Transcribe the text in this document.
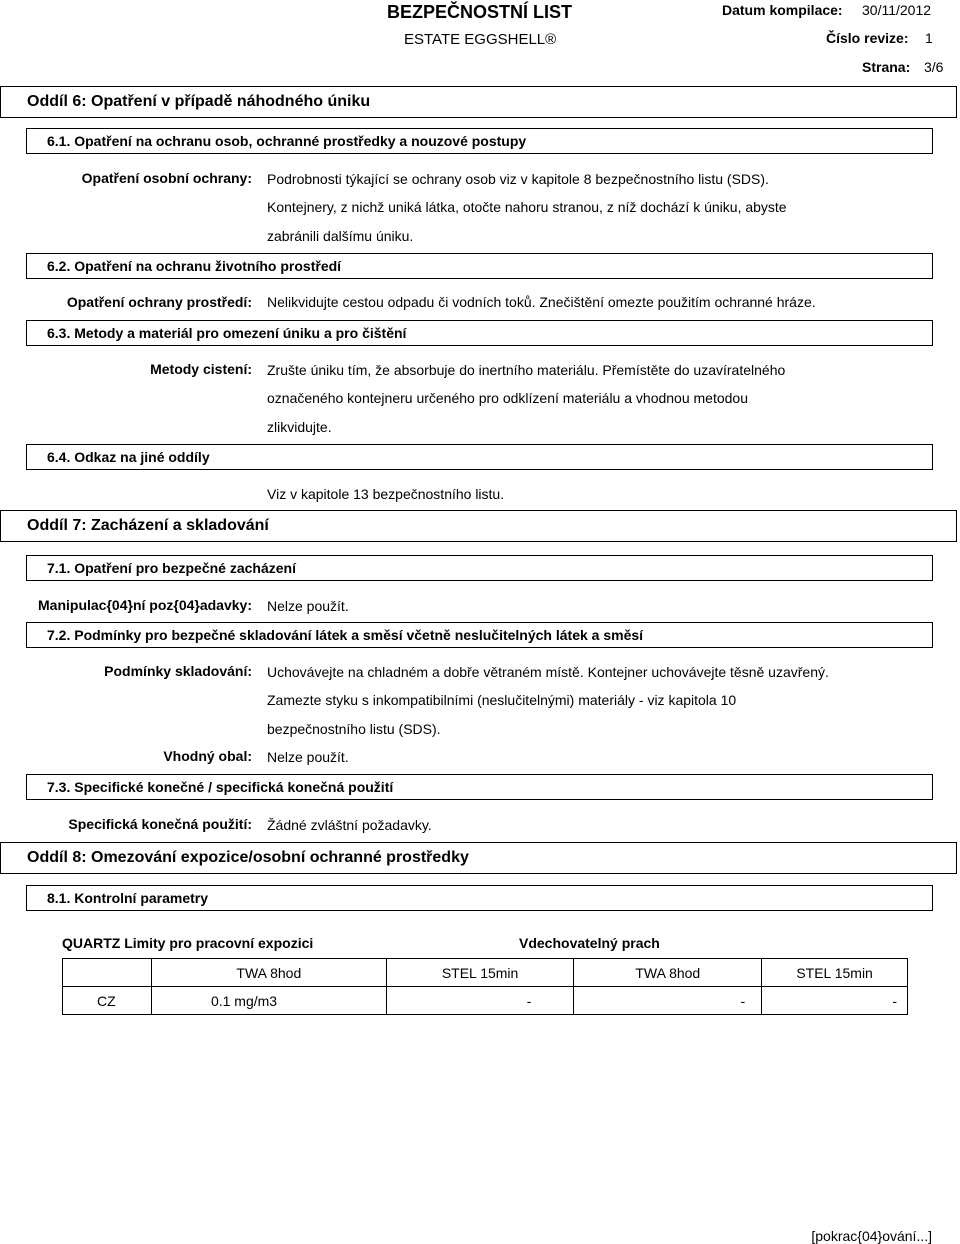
BEZPEČNOSTNÍ LIST
ESTATE EGGSHELL®
Datum kompilace: 30/11/2012
Číslo revize: 1
Strana: 3/6
Oddíl 6: Opatření v případě náhodného úniku
6.1. Opatření na ochranu osob, ochranné prostředky a nouzové postupy
Opatření osobní ochrany: Podrobnosti týkající se ochrany osob viz v kapitole 8 bezpečnostního listu (SDS).
Kontejnery, z nichž uniká látka, otočte nahoru stranou, z níž dochází k úniku, abyste
zabránili dalšímu úniku.
6.2. Opatření na ochranu životního prostředí
Opatření ochrany prostředí: Nelikvidujte cestou odpadu či vodních toků. Znečištění omezte použitím ochranné hráze.
6.3. Metody a materiál pro omezení úniku a pro čištění
Metody cistení: Zrušte úniku tím, že absorbuje do inertního materiálu. Přemístěte do uzavíratelného
označeného kontejneru určeného pro odklízení materiálu a vhodnou metodou
zlikvidujte.
6.4. Odkaz na jiné oddíly
Viz v kapitole 13 bezpečnostního listu.
Oddíl 7: Zacházení a skladování
7.1. Opatření pro bezpečné zacházení
Manipulac{04}ní poz{04}adavky: Nelze použít.
7.2. Podmínky pro bezpečné skladování látek a směsí včetně neslučitelných látek a směsí
Podmínky skladování: Uchovávejte na chladném a dobře větraném místě. Kontejner uchovávejte těsně uzavřený.
Zamezte styku s inkompatibilními (neslučitelnými) materiály - viz kapitola 10
bezpečnostního listu (SDS).
Vhodný obal: Nelze použít.
7.3. Specifické konečné / specifická konečná použití
Specifická konečná použití: Žádné zvláštní požadavky.
Oddíl 8: Omezování expozice/osobní ochranné prostředky
8.1. Kontrolní parametry
QUARTZ Limity pro pracovní expozici	Vdechovatelný prach
	TWA 8hod	STEL 15min	TWA 8hod	STEL 15min
CZ	0.1 mg/m3	-	-	-
[pokrac{04}ování...]
